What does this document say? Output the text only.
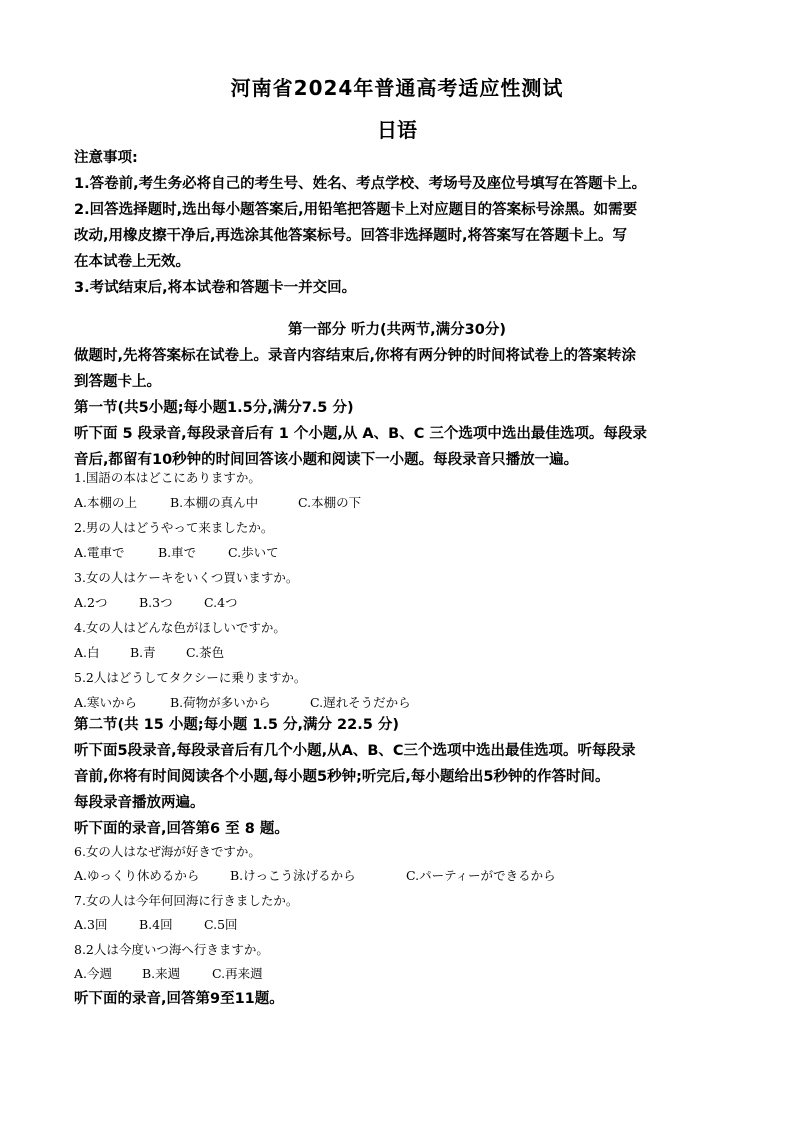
河南省2024年普通高考适应性测试
日语

注意事项:

1.答卷前,考生务必将自己的考生号、姓名、考点学校、考场号及座位号填写在答题卡上。

2.回答选择题时,选出每小题答案后,用铅笔把答题卡上对应题目的答案标号涂黑。如需要

改动,用橡皮擦干净后,再选涂其他答案标号。回答非选择题时,将答案写在答题卡上。写

在本试卷上无效。

3.考试结束后,将本试卷和答题卡一并交回。

第一部分 听力(共两节,满分30分)

做题时,先将答案标在试卷上。录音内容结束后,你将有两分钟的时间将试卷上的答案转涂

到答题卡上。

第一节(共5小题;每小题1.5分,满分7.5 分)

听下面 5 段录音,每段录音后有 1 个小题,从 A、B、C 三个选项中选出最佳选项。每段录

音后,都留有10秒钟的时间回答该小题和阅读下一小题。每段录音只播放一遍。

1.国語の本はどこにありますか。
A.本棚の上	B.本棚の真ん中	C.本棚の下
2.男の人はどうやって来ましたか。
A.電車で	B.車で	C.歩いて
3.女の人はケーキをいくつ買いますか。
A.2つ	B.3つ	C.4つ
4.女の人はどんな色がほしいですか。
A.白 B.青 C.茶色
5.2人はどうしてタクシーに乗りますか。
A.寒いから	B.荷物が多いから	C.遅れそうだから

第二节(共 15 小题;每小题 1.5 分,满分 22.5 分)

听下面5段录音,每段录音后有几个小题,从A、B、C三个选项中选出最佳选项。听每段录

音前,你将有时间阅读各个小题,每小题5秒钟;听完后,每小题给出5秒钟的作答时间。

每段录音播放两遍。

听下面的录音,回答第6 至 8 题。

6.女の人はなぜ海が好きですか。
A.ゆっくり休めるから B.けっこう泳げるから	C.パーティーができるから
7.女の人は今年何回海に行きましたか。
A.3回	B.4回	C.5回
8.2人は今度いつ海へ行きますか。
A.今週 B.来週	C.再来週
听下面的录音,回答第9至11题。
